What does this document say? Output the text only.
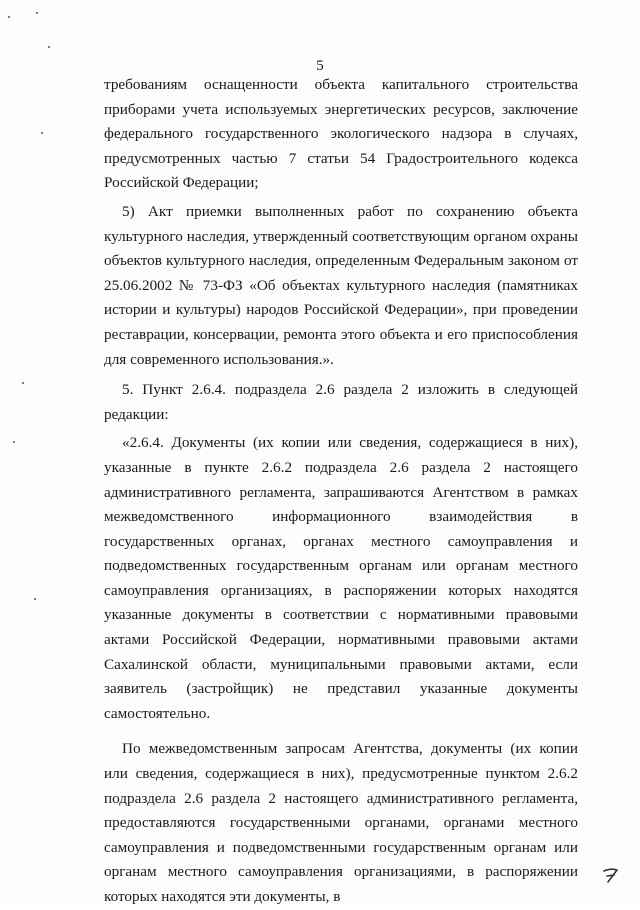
5

требованиям оснащенности объекта капитального строительства приборами учета используемых энергетических ресурсов, заключение федерального государственного экологического надзора в случаях, предусмотренных частью 7 статьи 54 Градостроительного кодекса Российской Федерации;

5) Акт приемки выполненных работ по сохранению объекта культурного наследия, утвержденный соответствующим органом охраны объектов культурного наследия, определенным Федеральным законом от 25.06.2002 № 73-ФЗ «Об объектах культурного наследия (памятниках истории и культуры) народов Российской Федерации», при проведении реставрации, консервации, ремонта этого объекта и его приспособления для современного использования.».

5. Пункт 2.6.4. подраздела 2.6 раздела 2 изложить в следующей редакции:

«2.6.4. Документы (их копии или сведения, содержащиеся в них), указанные в пункте 2.6.2 подраздела 2.6 раздела 2 настоящего административного регламента, запрашиваются Агентством в рамках межведомственного информационного взаимодействия в государственных органах, органах местного самоуправления и подведомственных государственным органам или органам местного самоуправления организациях, в распоряжении которых находятся указанные документы в соответствии с нормативными правовыми актами Российской Федерации, нормативными правовыми актами Сахалинской области, муниципальными правовыми актами, если заявитель (застройщик) не представил указанные документы самостоятельно.

По межведомственным запросам Агентства, документы (их копии или сведения, содержащиеся в них), предусмотренные пунктом 2.6.2 подраздела 2.6 раздела 2 настоящего административного регламента, предоставляются государственными органами, органами местного самоуправления и подведомственными государственным органам или органам местного самоуправления организациями, в распоряжении которых находятся эти документы, в
